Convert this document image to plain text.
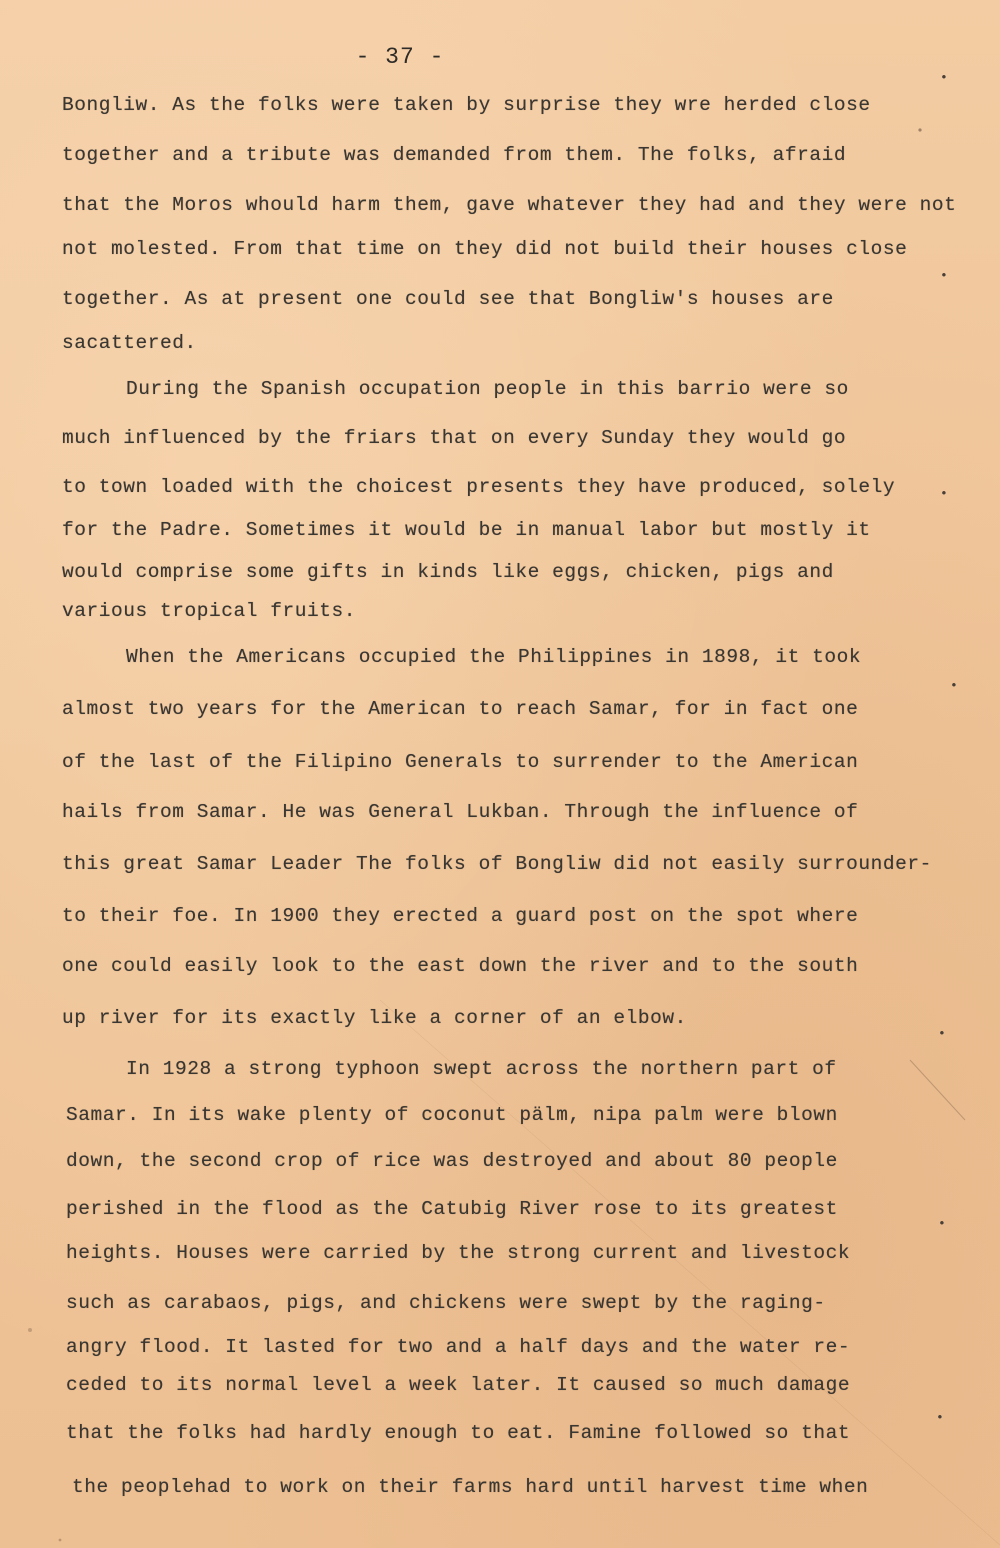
- 37 -
Bongliw. As the folks were taken by surprise they wre herded close
together and a tribute was demanded from them. The folks, afraid
that the Moros whould harm them, gave whatever they had and they were not
not molested. From that time on they did not build their houses close
together. As at present one could see that Bongliw's houses are
sacattered.
During the Spanish occupation people in this barrio were so
much influenced by the friars that on every Sunday they would go
to town loaded with the choicest presents they have produced, solely
for the Padre. Sometimes it would be in manual labor but mostly it
would comprise some gifts in kinds like eggs, chicken, pigs and
various tropical fruits.
When the Americans occupied the Philippines in 1898, it took
almost two years for the American to reach Samar, for in fact one
of the last of the Filipino Generals to surrender to the American
hails from Samar. He was General Lukban. Through the influence of
this great Samar Leader The folks of Bongliw did not easily surrounder-
to their foe. In 1900 they erected a guard post on the spot where
one could easily look to the east down the river and to the south
up river for its exactly like a corner of an elbow.
In 1928 a strong typhoon swept across the northern part of
Samar. In its wake plenty of coconut pälm, nipa palm were blown
down, the second crop of rice was destroyed and about 80 people
perished in the flood as the Catubig River rose to its greatest
heights. Houses were carried by the strong current and livestock
such as carabaos, pigs, and chickens were swept by the raging-
angry flood. It lasted for two and a half days and the water re-
ceded to its normal level a week later. It caused so much damage
that the folks had hardly enough to eat. Famine followed so that
the peoplehad to work on their farms hard until harvest time when
•
•
•
•
•
•
•
